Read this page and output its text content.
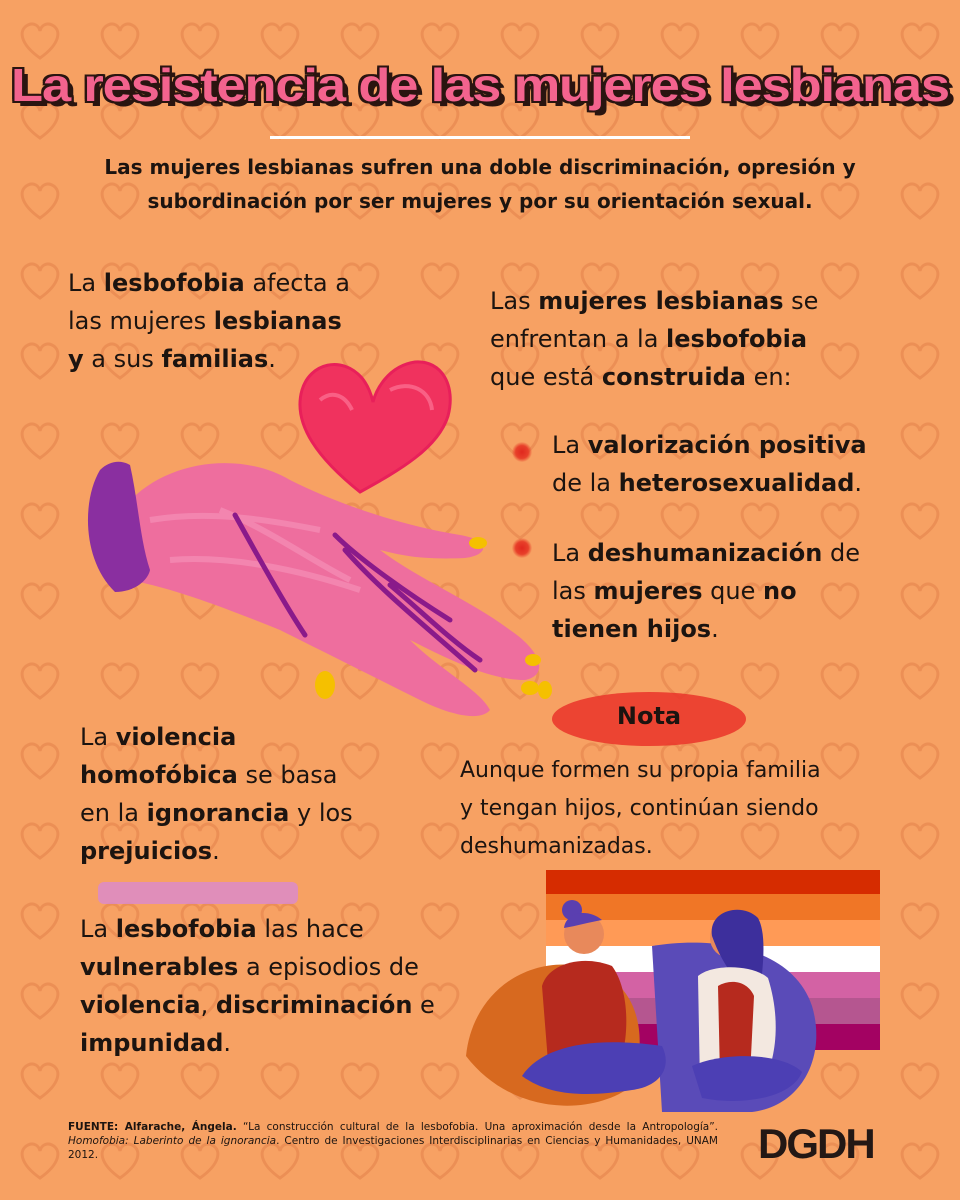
La resistencia de las mujeres lesbianas
Las mujeres lesbianas sufren una doble discriminación, opresión y
subordinación por ser mujeres y por su orientación sexual.
La lesbofobia afecta a
las mujeres lesbianas
y a sus familias.
Las mujeres lesbianas se
enfrentan a la lesbofobia
que está construida en:
La valorización positiva
de la heterosexualidad.
La deshumanización de
las mujeres que no
tienen hijos.
La violencia
homofóbica se basa
en la ignorancia y los
prejuicios.
La lesbofobia las hace
vulnerables a episodios de
violencia, discriminación e
impunidad.
Nota
Aunque formen su propia familia
y tengan hijos, continúan siendo
deshumanizadas.
FUENTE: Alfarache, Ángela. “La construcción cultural de la lesbofobia. Una aproximación desde la Antropología”. Homofobia: Laberinto de la ignorancia. Centro de Investigaciones Interdisciplinarias en Ciencias y Humanidades, UNAM 2012.	DGDH
